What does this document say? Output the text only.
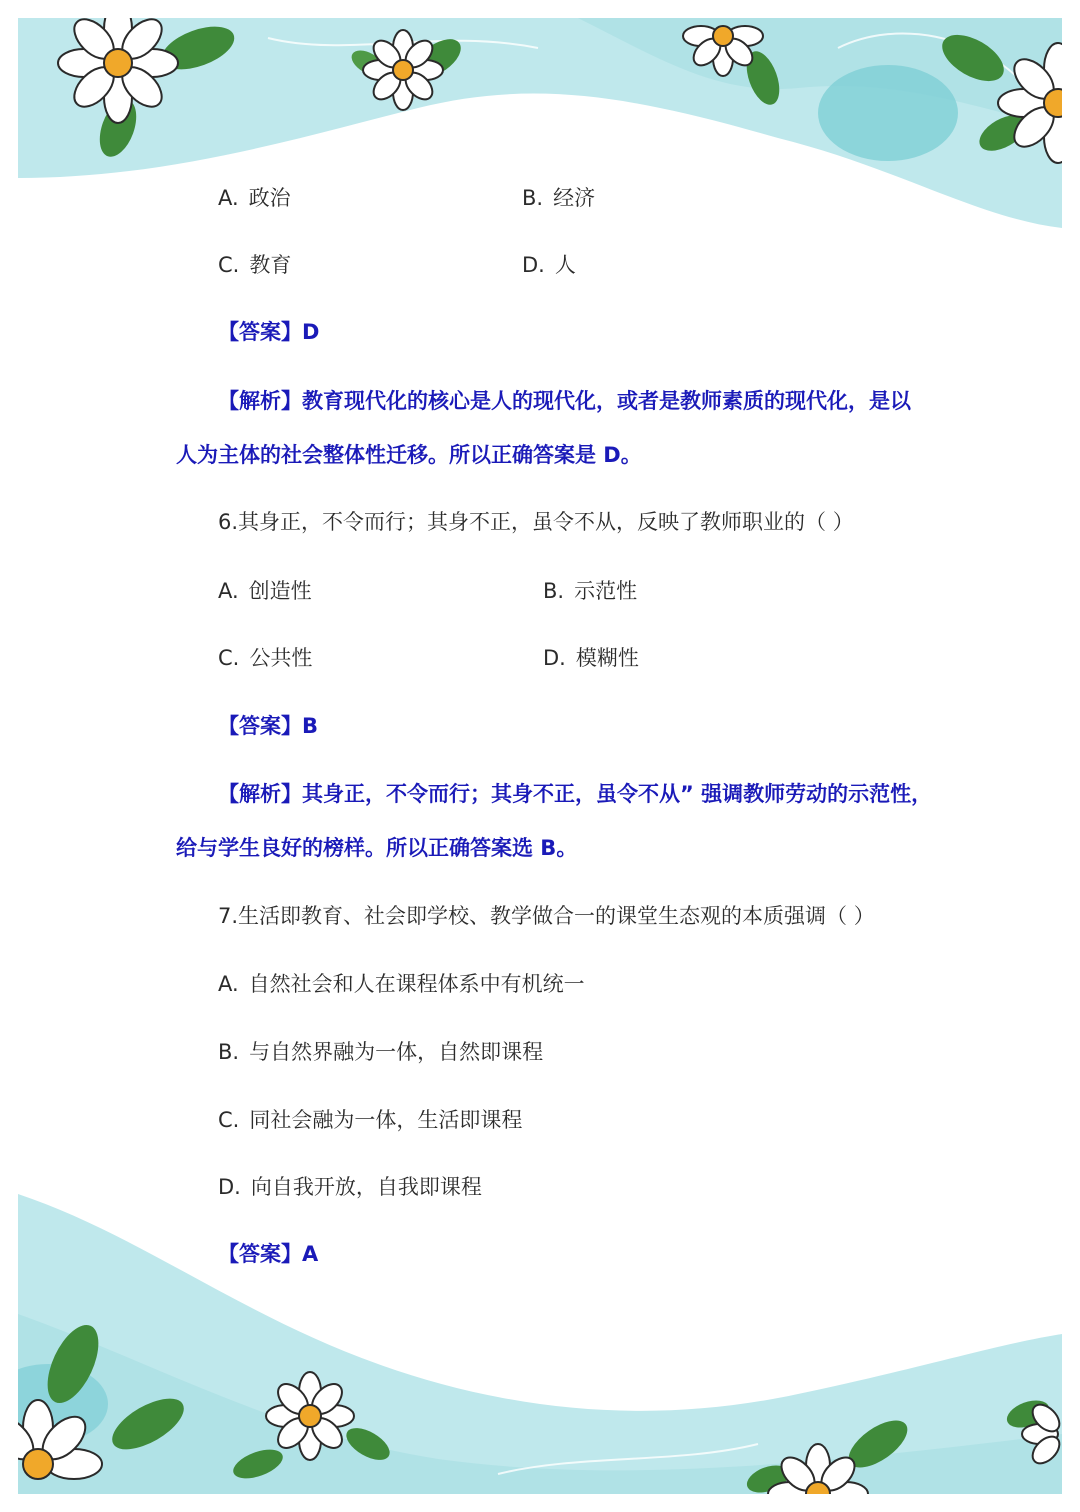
A. 政治	B. 经济
C. 教育	D. 人
【答案】D
【解析】教育现代化的核心是人的现代化，或者是教师素质的现代化，是以
人为主体的社会整体性迁移。所以正确答案是 D。
6.其身正，不令而行；其身不正，虽令不从，反映了教师职业的（ ）
A. 创造性	B. 示范性
C. 公共性	D. 模糊性
【答案】B
【解析】其身正，不令而行；其身不正，虽令不从” 强调教师劳动的示范性，
给与学生良好的榜样。所以正确答案选 B。
7.生活即教育、社会即学校、教学做合一的课堂生态观的本质强调（ ）
A. 自然社会和人在课程体系中有机统一
B. 与自然界融为一体，自然即课程
C. 同社会融为一体，生活即课程
D. 向自我开放，自我即课程
【答案】A
